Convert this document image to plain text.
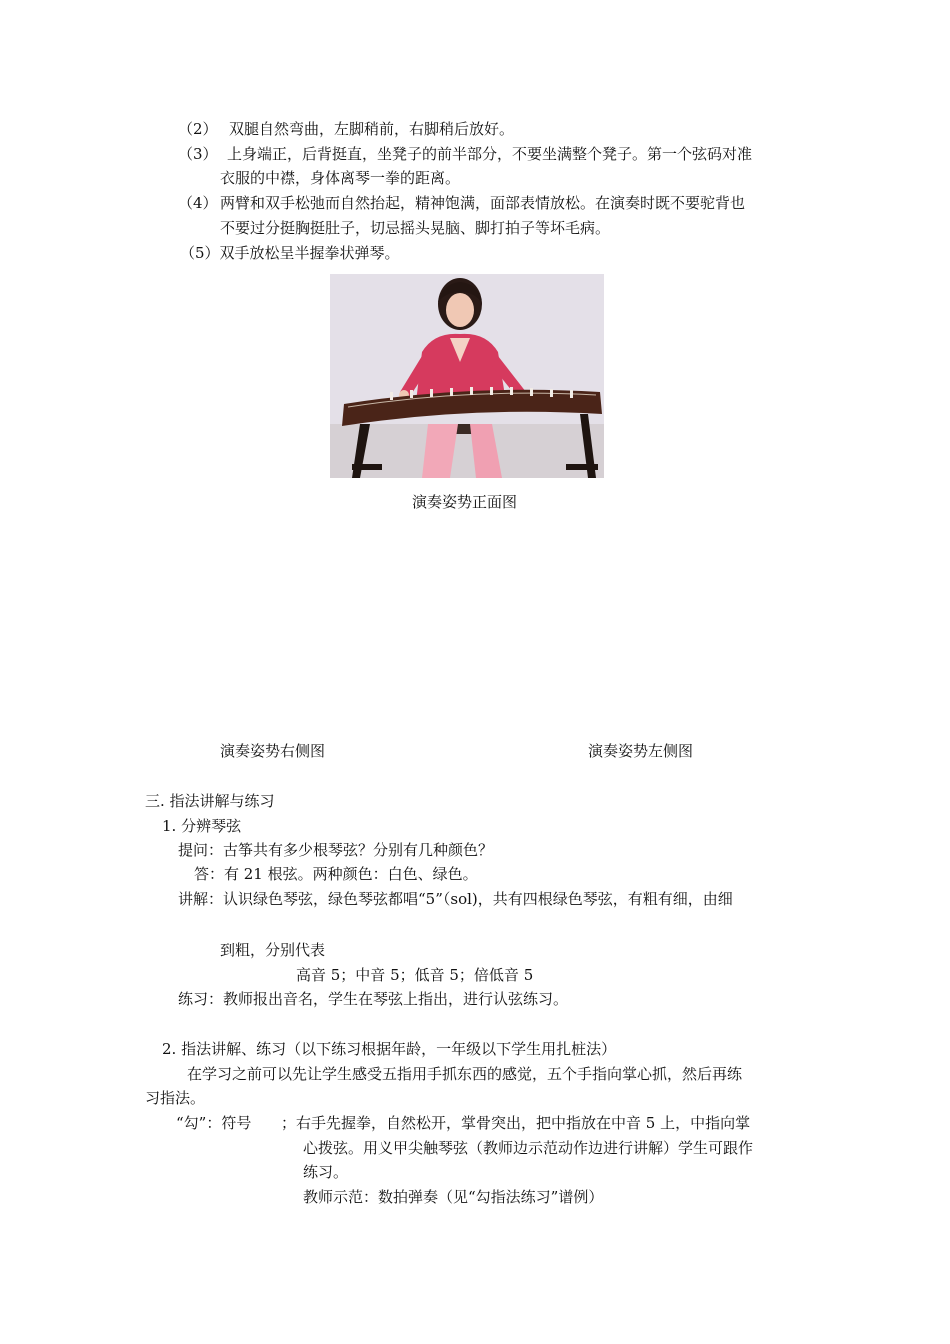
（2） 双腿自然弯曲，左脚稍前，右脚稍后放好。
（3） 上身端正，后背挺直，坐凳子的前半部分，不要坐满整个凳子。第一个弦码对准
衣服的中襟，身体离琴一拳的距离。
（4） 两臂和双手松弛而自然抬起，精神饱满，面部表情放松。在演奏时既不要驼背也
不要过分挺胸挺肚子，切忌摇头晃脑、脚打拍子等坏毛病。
（5）双手放松呈半握拳状弹琴。
演奏姿势正面图
演奏姿势右侧图	演奏姿势左侧图
三. 指法讲解与练习
1. 分辨琴弦
提问：古筝共有多少根琴弦？分别有几种颜色？
答：有 21 根弦。两种颜色：白色、绿色。
讲解：认识绿色琴弦，绿色琴弦都唱“5”（sol)，共有四根绿色琴弦，有粗有细，由细
到粗，分别代表
高音 5；中音 5；低音 5；倍低音 5
练习：教师报出音名，学生在琴弦上指出，进行认弦练习。
2. 指法讲解、练习（以下练习根据年龄，一年级以下学生用扎桩法）
在学习之前可以先让学生感受五指用手抓东西的感觉，五个手指向掌心抓，然后再练
习指法。
“勾”：符号 ；右手先握拳，自然松开，掌骨突出，把中指放在中音 5 上，中指向掌
心拨弦。用义甲尖触琴弦（教师边示范动作边进行讲解）学生可跟作
练习。
教师示范：数拍弹奏（见“勾指法练习”谱例）
